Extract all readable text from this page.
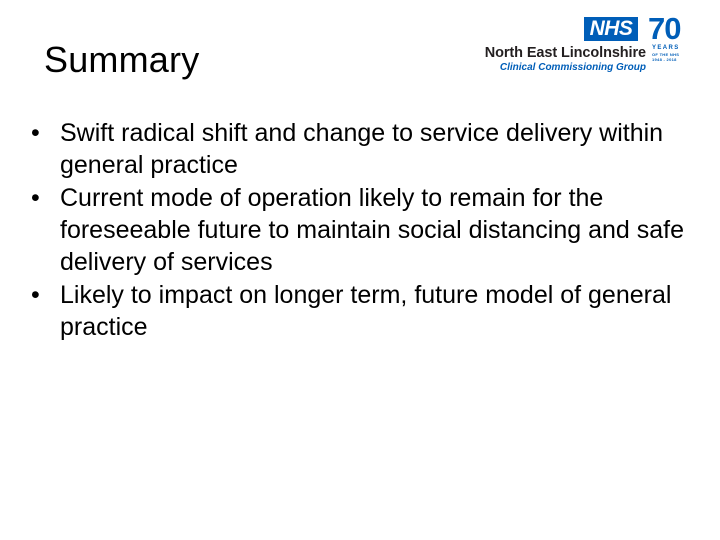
Summary
NHS 70
YEARS
OF THE NHS
1948 - 2018
North East Lincolnshire
Clinical Commissioning Group
• Swift radical shift and change to service delivery within general practice
• Current mode of operation likely to remain for the foreseeable future to maintain social distancing and safe delivery of services
• Likely to impact on longer term, future model of general practice
